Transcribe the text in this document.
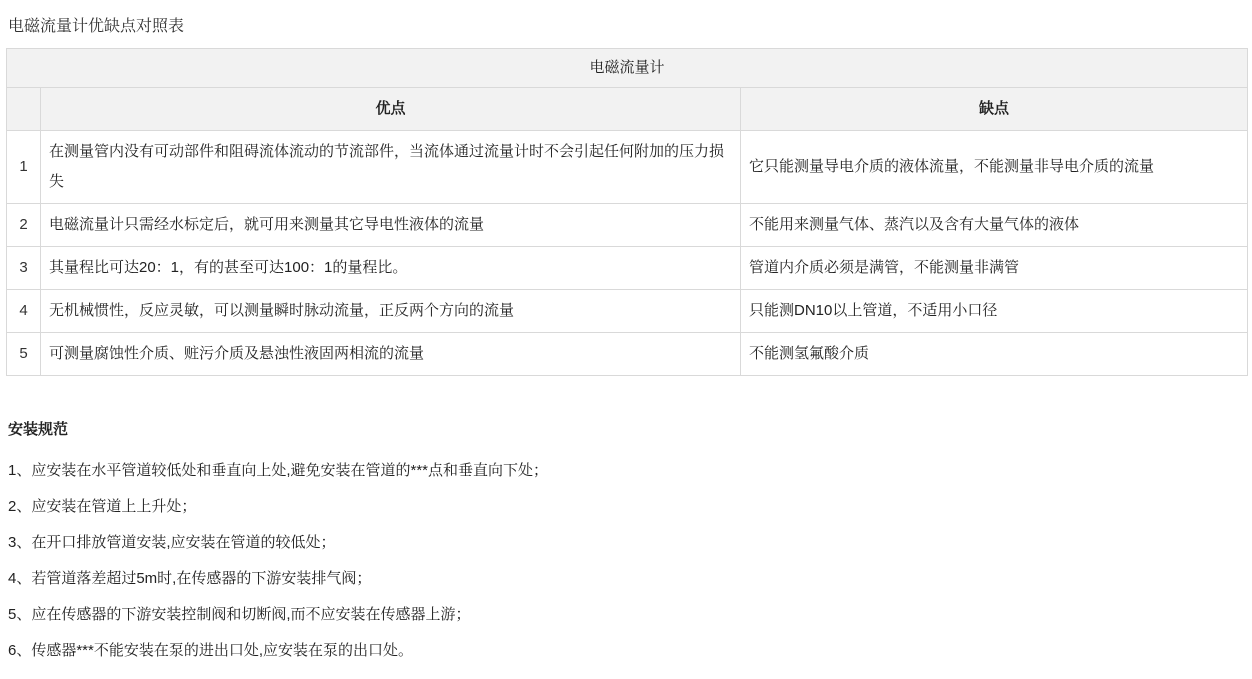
电磁流量计优缺点对照表
电磁流量计		
	优点	缺点
1	在测量管内没有可动部件和阻碍流体流动的节流部件，当流体通过流量计时不会引起任何附加的压力损失	它只能测量导电介质的液体流量，不能测量非导电介质的流量
2	电磁流量计只需经水标定后，就可用来测量其它导电性液体的流量	不能用来测量气体、蒸汽以及含有大量气体的液体
3	其量程比可达20：1，有的甚至可达100：1的量程比。	管道内介质必须是满管，不能测量非满管
4	无机械惯性，反应灵敏，可以测量瞬时脉动流量，正反两个方向的流量	只能测DN10以上管道，不适用小口径
5	可测量腐蚀性介质、赃污介质及悬浊性液固两相流的流量	不能测氢氟酸介质
安装规范
1、应安装在水平管道较低处和垂直向上处,避免安装在管道的***点和垂直向下处；
2、应安装在管道上上升处；
3、在开口排放管道安装,应安装在管道的较低处；
4、若管道落差超过5m时,在传感器的下游安装排气阀；
5、应在传感器的下游安装控制阀和切断阀,而不应安装在传感器上游；
6、传感器***不能安装在泵的进出口处,应安装在泵的出口处。
